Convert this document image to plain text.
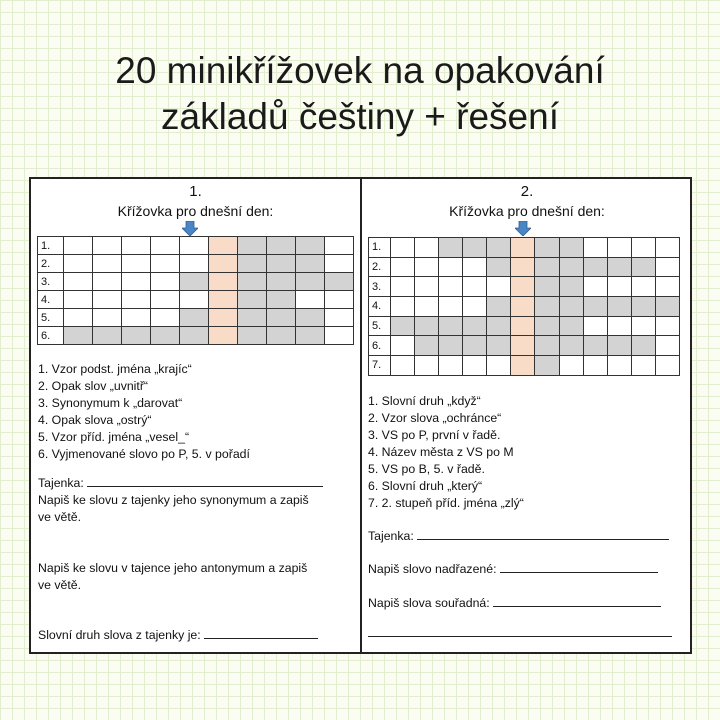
20 minikřížovek na opakování
základů češtiny + řešení
1.
Křížovka pro dnešní den:
1.										
2.										
3.										
4.										
5.										
6.										
1. Vzor podst. jména „krajíc“
2. Opak slov „uvnitř“
3. Synonymum k „darovat“
4. Opak slova „ostrý“
5. Vzor příd. jména „vesel_“
6. Vyjmenované slovo po P, 5. v pořadí
Tajenka:
Napiš ke slovu z tajenky jeho synonymum a zapiš
ve větě.
Napiš ke slovu v tajence jeho antonymum a zapiš
ve větě.
Slovní druh slova z tajenky je:
2.
Křížovka pro dnešní den:
1.												
2.												
3.												
4.												
5.												
6.												
7.												
1. Slovní druh „když“
2. Vzor slova „ochránce“
3. VS po P, první v řadě.
4. Název města z VS po M
5. VS po B, 5. v řadě.
6. Slovní druh „který“
7. 2. stupeň příd. jména „zlý“
Tajenka:
Napiš slovo nadřazené:
Napiš slova souřadná:
